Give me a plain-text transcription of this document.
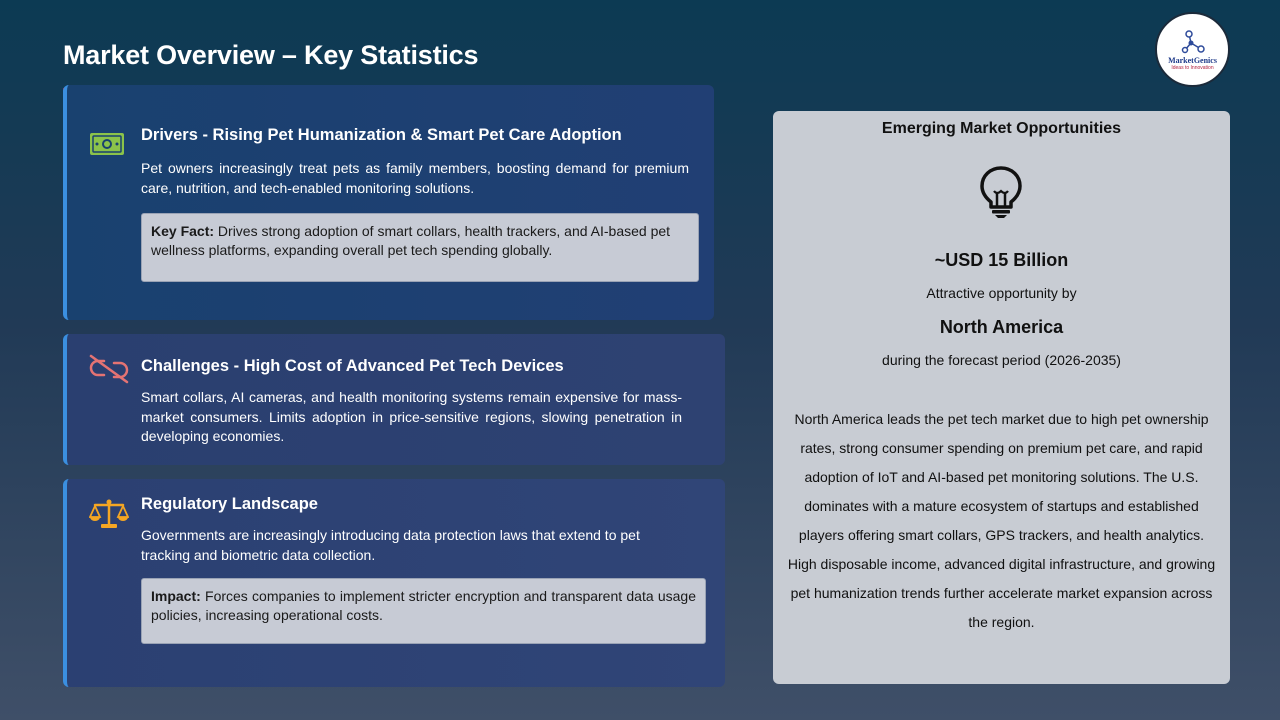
Market Overview – Key Statistics	MarketGenics
Ideas to Innovation
Drivers - Rising Pet Humanization & Smart Pet Care Adoption
Pet owners increasingly treat pets as family members, boosting demand for premium care, nutrition, and tech-enabled monitoring solutions.
Key Fact: Drives strong adoption of smart collars, health trackers, and AI-based pet wellness platforms, expanding overall pet tech spending globally.
Challenges - High Cost of Advanced Pet Tech Devices
Smart collars, AI cameras, and health monitoring systems remain expensive for mass-market consumers. Limits adoption in price-sensitive regions, slowing penetration in developing economies.
Regulatory Landscape
Governments are increasingly introducing data protection laws that extend to pet tracking and biometric data collection.
Impact: Forces companies to implement stricter encryption and transparent data usage policies, increasing operational costs.
Emerging Market Opportunities
~USD 15 Billion
Attractive opportunity by
North America
during the forecast period (2026-2035)
North America leads the pet tech market due to high pet ownership rates, strong consumer spending on premium pet care, and rapid adoption of IoT and AI-based pet monitoring solutions. The U.S. dominates with a mature ecosystem of startups and established players offering smart collars, GPS trackers, and health analytics. High disposable income, advanced digital infrastructure, and growing pet humanization trends further accelerate market expansion across the region.
